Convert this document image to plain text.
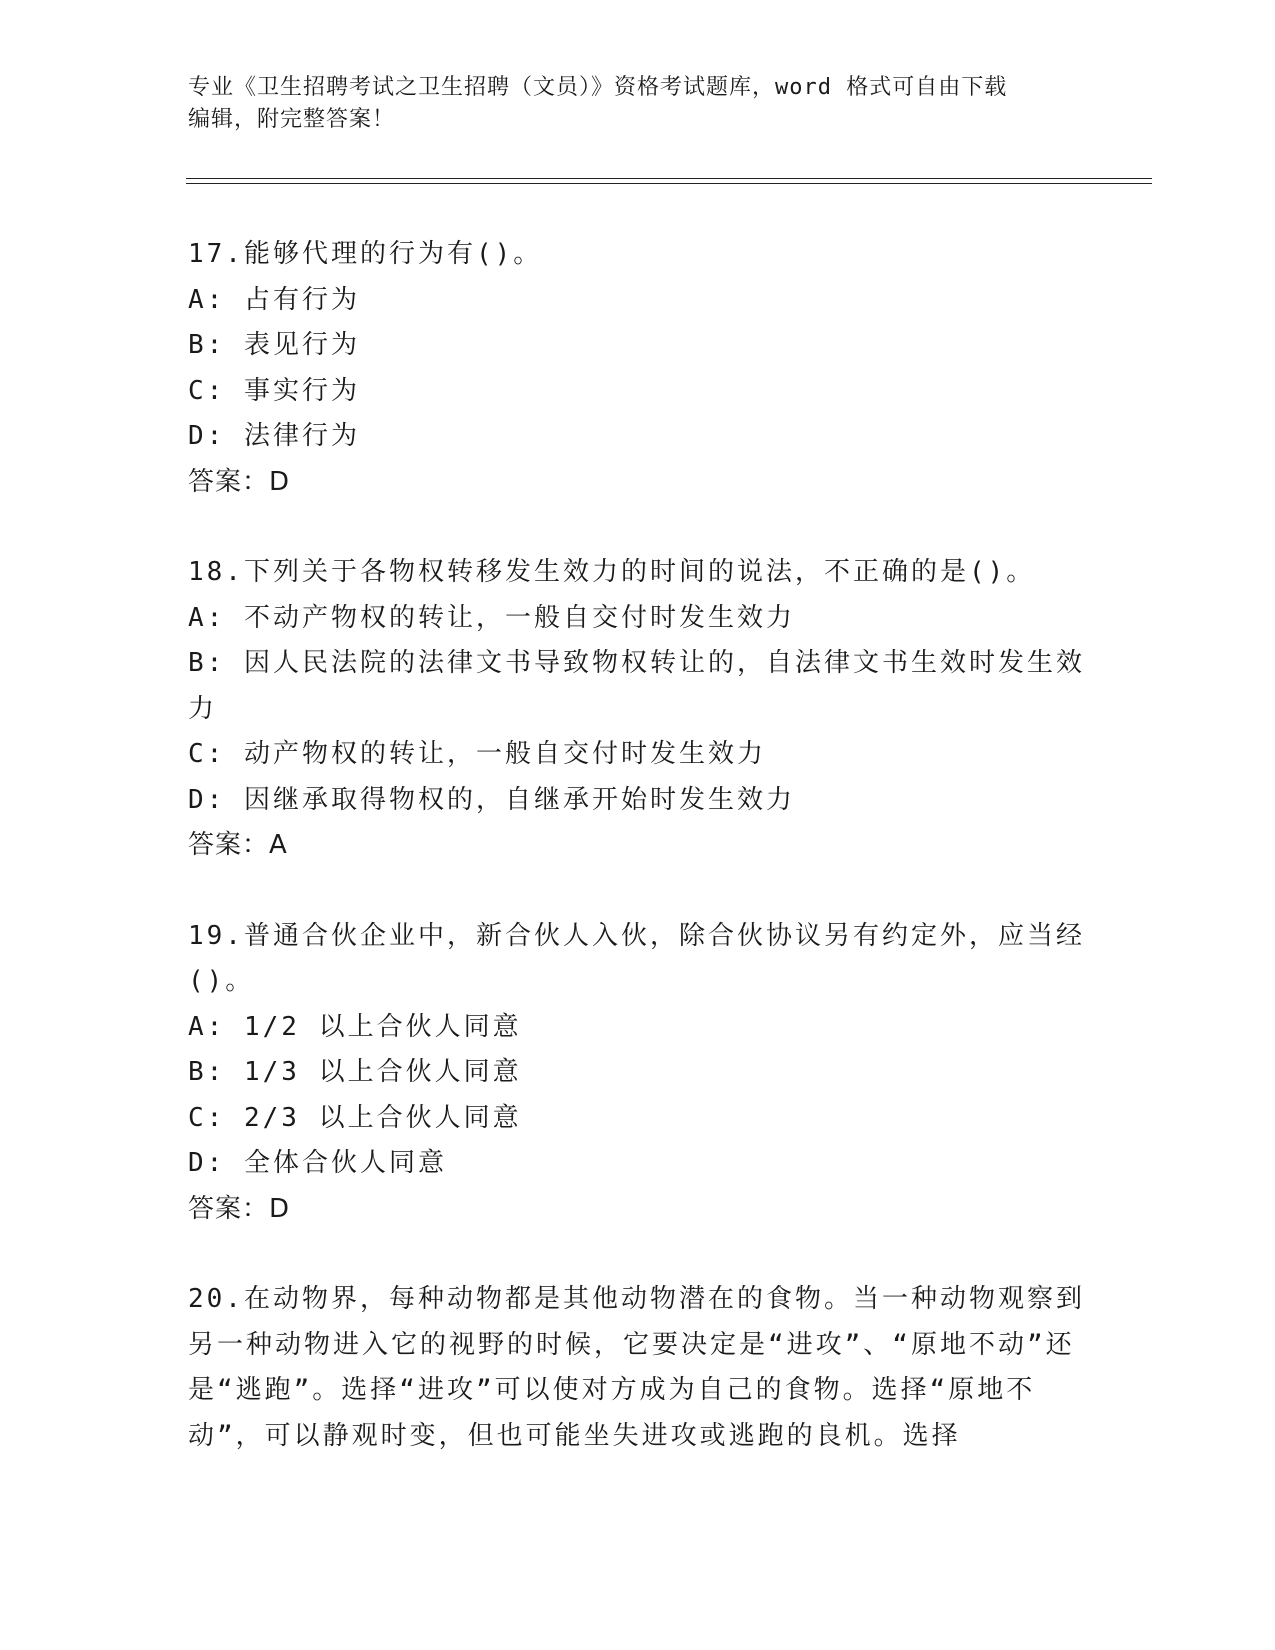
专业《卫生招聘考试之卫生招聘（文员）》资格考试题库，word 格式可自由下载
编辑，附完整答案！

17.能够代理的行为有()。

A: 占有行为

B: 表见行为

C: 事实行为

D: 法律行为

答案：D

18.下列关于各物权转移发生效力的时间的说法，不正确的是()。

A: 不动产物权的转让，一般自交付时发生效力

B: 因人民法院的法律文书导致物权转让的，自法律文书生效时发生效力

C: 动产物权的转让，一般自交付时发生效力

D: 因继承取得物权的，自继承开始时发生效力

答案：A

19.普通合伙企业中，新合伙人入伙，除合伙协议另有约定外，应当经()。

A: 1/2 以上合伙人同意

B: 1/3 以上合伙人同意

C: 2/3 以上合伙人同意

D: 全体合伙人同意

答案：D

20.在动物界，每种动物都是其他动物潜在的食物。当一种动物观察到另一种动物进入它的视野的时候，它要决定是“进攻”、“原地不动”还是“逃跑”。选择“进攻”可以使对方成为自己的食物。选择“原地不动”，可以静观时变，但也可能坐失进攻或逃跑的良机。选择
